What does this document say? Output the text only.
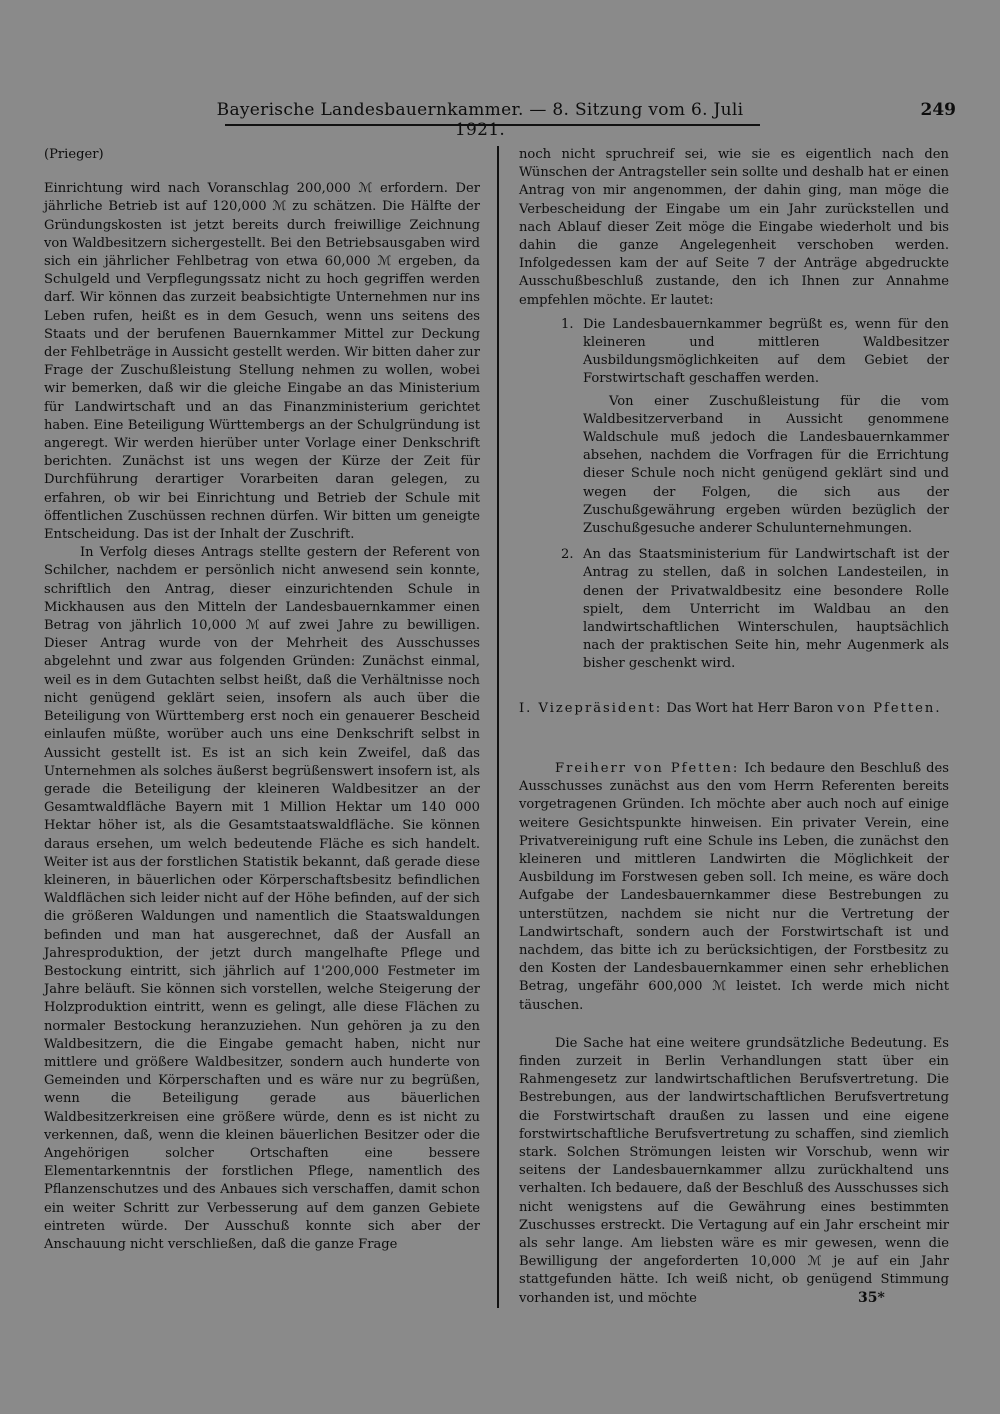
Bayerische Landesbauernkammer. — 8. Sitzung vom 6. Juli 1921.
249

(Prieger)

Einrichtung wird nach Voranschlag 200,000 ℳ erfordern. Der jährliche Betrieb ist auf 120,000 ℳ zu schätzen. Die Hälfte der Gründungskosten ist jetzt bereits durch freiwillige Zeichnung von Waldbesitzern sichergestellt. Bei den Betriebsausgaben wird sich ein jährlicher Fehlbetrag von etwa 60,000 ℳ ergeben, da Schulgeld und Verpflegungssatz nicht zu hoch gegriffen werden darf. Wir können das zurzeit beabsichtigte Unternehmen nur ins Leben rufen, heißt es in dem Gesuch, wenn uns seitens des Staats und der berufenen Bauernkammer Mittel zur Deckung der Fehlbeträge in Aussicht gestellt werden. Wir bitten daher zur Frage der Zuschußleistung Stellung nehmen zu wollen, wobei wir bemerken, daß wir die gleiche Eingabe an das Ministerium für Landwirtschaft und an das Finanzministerium gerichtet haben. Eine Beteiligung Württembergs an der Schulgründung ist angeregt. Wir werden hierüber unter Vorlage einer Denkschrift berichten. Zunächst ist uns wegen der Kürze der Zeit für Durchführung derartiger Vorarbeiten daran gelegen, zu erfahren, ob wir bei Einrichtung und Betrieb der Schule mit öffentlichen Zuschüssen rechnen dürfen. Wir bitten um geneigte Entscheidung. Das ist der Inhalt der Zuschrift.

In Verfolg dieses Antrags stellte gestern der Referent von Schilcher, nachdem er persönlich nicht anwesend sein konnte, schriftlich den Antrag, dieser einzurichtenden Schule in Mickhausen aus den Mitteln der Landesbauernkammer einen Betrag von jährlich 10,000 ℳ auf zwei Jahre zu bewilligen. Dieser Antrag wurde von der Mehrheit des Ausschusses abgelehnt und zwar aus folgenden Gründen: Zunächst einmal, weil es in dem Gutachten selbst heißt, daß die Verhältnisse noch nicht genügend geklärt seien, insofern als auch über die Beteiligung von Württemberg erst noch ein genauerer Bescheid einlaufen müßte, worüber auch uns eine Denkschrift selbst in Aussicht gestellt ist. Es ist an sich kein Zweifel, daß das Unternehmen als solches äußerst begrüßenswert insofern ist, als gerade die Beteiligung der kleineren Waldbesitzer an der Gesamtwaldfläche Bayern mit 1 Million Hektar um 140 000 Hektar höher ist, als die Gesamtstaatswaldfläche. Sie können daraus ersehen, um welch bedeutende Fläche es sich handelt. Weiter ist aus der forstlichen Statistik bekannt, daß gerade diese kleineren, in bäuerlichen oder Körperschaftsbesitz befindlichen Waldflächen sich leider nicht auf der Höhe befinden, auf der sich die größeren Waldungen und namentlich die Staatswaldungen befinden und man hat ausgerechnet, daß der Ausfall an Jahresproduktion, der jetzt durch mangelhafte Pflege und Bestockung eintritt, sich jährlich auf 1'200,000 Festmeter im Jahre beläuft. Sie können sich vorstellen, welche Steigerung der Holzproduktion eintritt, wenn es gelingt, alle diese Flächen zu normaler Bestockung heranzuziehen. Nun gehören ja zu den Waldbesitzern, die die Eingabe gemacht haben, nicht nur mittlere und größere Waldbesitzer, sondern auch hunderte von Gemeinden und Körperschaften und es wäre nur zu begrüßen, wenn die Beteiligung gerade aus bäuerlichen Waldbesitzerkreisen eine größere würde, denn es ist nicht zu verkennen, daß, wenn die kleinen bäuerlichen Besitzer oder die Angehörigen solcher Ortschaften eine bessere Elementarkenntnis der forstlichen Pflege, namentlich des Pflanzenschutzes und des Anbaues sich verschaffen, damit schon ein weiter Schritt zur Verbesserung auf dem ganzen Gebiete eintreten würde. Der Ausschuß konnte sich aber der Anschauung nicht verschließen, daß die ganze Frage

noch nicht spruchreif sei, wie sie es eigentlich nach den Wünschen der Antragsteller sein sollte und deshalb hat er einen Antrag von mir angenommen, der dahin ging, man möge die Verbescheidung der Eingabe um ein Jahr zurückstellen und nach Ablauf dieser Zeit möge die Eingabe wiederholt und bis dahin die ganze Angelegenheit verschoben werden. Infolgedessen kam der auf Seite 7 der Anträge abgedruckte Ausschußbeschluß zustande, den ich Ihnen zur Annahme empfehlen möchte. Er lautet:

1. Die Landesbauernkammer begrüßt es, wenn für den kleineren und mittleren Waldbesitzer Ausbildungsmöglichkeiten auf dem Gebiet der Forstwirtschaft geschaffen werden.

Von einer Zuschußleistung für die vom Waldbesitzerverband in Aussicht genommene Waldschule muß jedoch die Landesbauernkammer absehen, nachdem die Vorfragen für die Errichtung dieser Schule noch nicht genügend geklärt sind und wegen der Folgen, die sich aus der Zuschußgewährung ergeben würden bezüglich der Zuschußgesuche anderer Schulunternehmungen.

2. An das Staatsministerium für Landwirtschaft ist der Antrag zu stellen, daß in solchen Landesteilen, in denen der Privatwaldbesitz eine besondere Rolle spielt, dem Unterricht im Waldbau an den landwirtschaftlichen Winterschulen, hauptsächlich nach der praktischen Seite hin, mehr Augenmerk als bisher geschenkt wird.

I. Vizepräsident: Das Wort hat Herr Baron von Pfetten.

Freiherr von Pfetten: Ich bedaure den Beschluß des Ausschusses zunächst aus den vom Herrn Referenten bereits vorgetragenen Gründen. Ich möchte aber auch noch auf einige weitere Gesichtspunkte hinweisen. Ein privater Verein, eine Privatvereinigung ruft eine Schule ins Leben, die zunächst den kleineren und mittleren Landwirten die Möglichkeit der Ausbildung im Forstwesen geben soll. Ich meine, es wäre doch Aufgabe der Landesbauernkammer diese Bestrebungen zu unterstützen, nachdem sie nicht nur die Vertretung der Landwirtschaft, sondern auch der Forstwirtschaft ist und nachdem, das bitte ich zu berücksichtigen, der Forstbesitz zu den Kosten der Landesbauernkammer einen sehr erheblichen Betrag, ungefähr 600,000 ℳ leistet. Ich werde mich nicht täuschen.

Die Sache hat eine weitere grundsätzliche Bedeutung. Es finden zurzeit in Berlin Verhandlungen statt über ein Rahmengesetz zur landwirtschaftlichen Berufsvertretung. Die Bestrebungen, aus der landwirtschaftlichen Berufsvertretung die Forstwirtschaft draußen zu lassen und eine eigene forstwirtschaftliche Berufsvertretung zu schaffen, sind ziemlich stark. Solchen Strömungen leisten wir Vorschub, wenn wir seitens der Landesbauernkammer allzu zurückhaltend uns verhalten. Ich bedauere, daß der Beschluß des Ausschusses sich nicht wenigstens auf die Gewährung eines bestimmten Zuschusses erstreckt. Die Vertagung auf ein Jahr erscheint mir als sehr lange. Am liebsten wäre es mir gewesen, wenn die Bewilligung der angeforderten 10,000 ℳ je auf ein Jahr stattgefunden hätte. Ich weiß nicht, ob genügend Stimmung vorhanden ist, und möchte	35*
